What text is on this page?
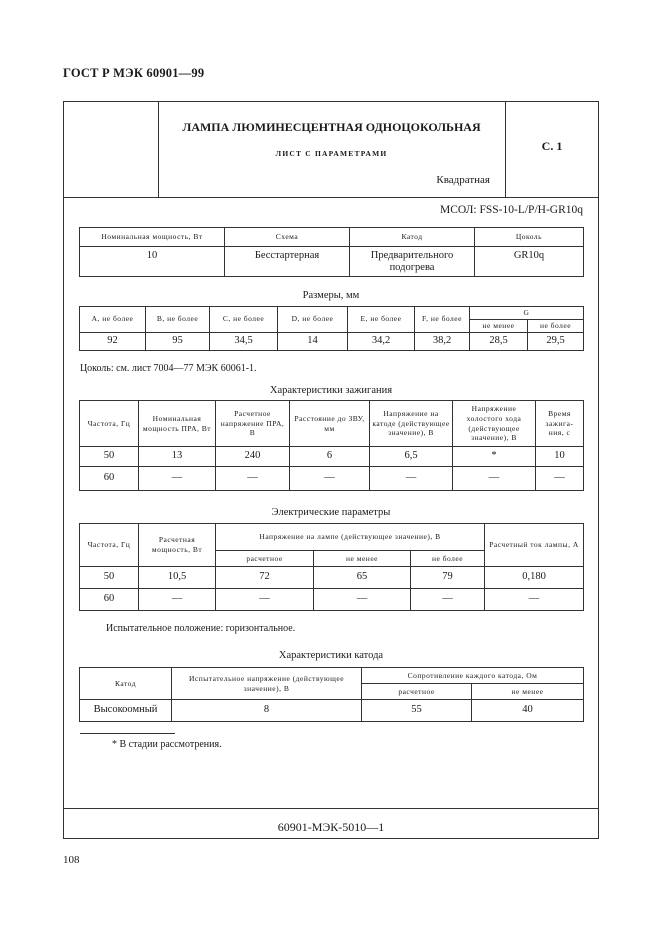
ГОСТ Р МЭК 60901—99
ЛАМПА ЛЮМИНЕСЦЕНТНАЯ ОДНОЦОКОЛЬНАЯ
ЛИСТ С ПАРАМЕТРАМИ
Квадратная
С. 1
МСОЛ: FSS-10-L/P/H-GR10q
Номинальная мощность, Вт	Схема	Катод	Цоколь
10	Бесстартерная	Предварительного подогрева	GR10q
Размеры, мм
A, не более	B, не более	C, не более	D, не более	E, не более	F, не более	G	
						не менее	не более
92	95	34,5	14	34,2	38,2	28,5	29,5
Цоколь: см. лист 7004—77 МЭК 60061-1.
Характеристики зажигания
Частота, Гц	Номинальная мощность ПРА, Вт	Расчетное напряжение ПРА, В	Расстояние до ЗВУ, мм	Напряжение на катоде (действующее значение), В	Напряжение холостого хода (действующее значение), В	Время зажига-ния, с
50	13	240	6	6,5	*	10
60	—	—	—	—	—	—
Электрические параметры
Частота, Гц	Расчетная мощность, Вт	Напряжение на лампе (действующее значение), В			Расчетный ток лампы, А
		расчетное	не менее	не более	
50	10,5	72	65	79	0,180
60	—	—	—	—	—
Испытательное положение: горизонтальное.
Характеристики катода
Катод	Испытательное напряжение (действующее значение), В	Сопротивление каждого катода, Ом	
		расчетное	не менее
Высокоомный	8	55	40
* В стадии рассмотрения.
60901-МЭК-5010—1
108
